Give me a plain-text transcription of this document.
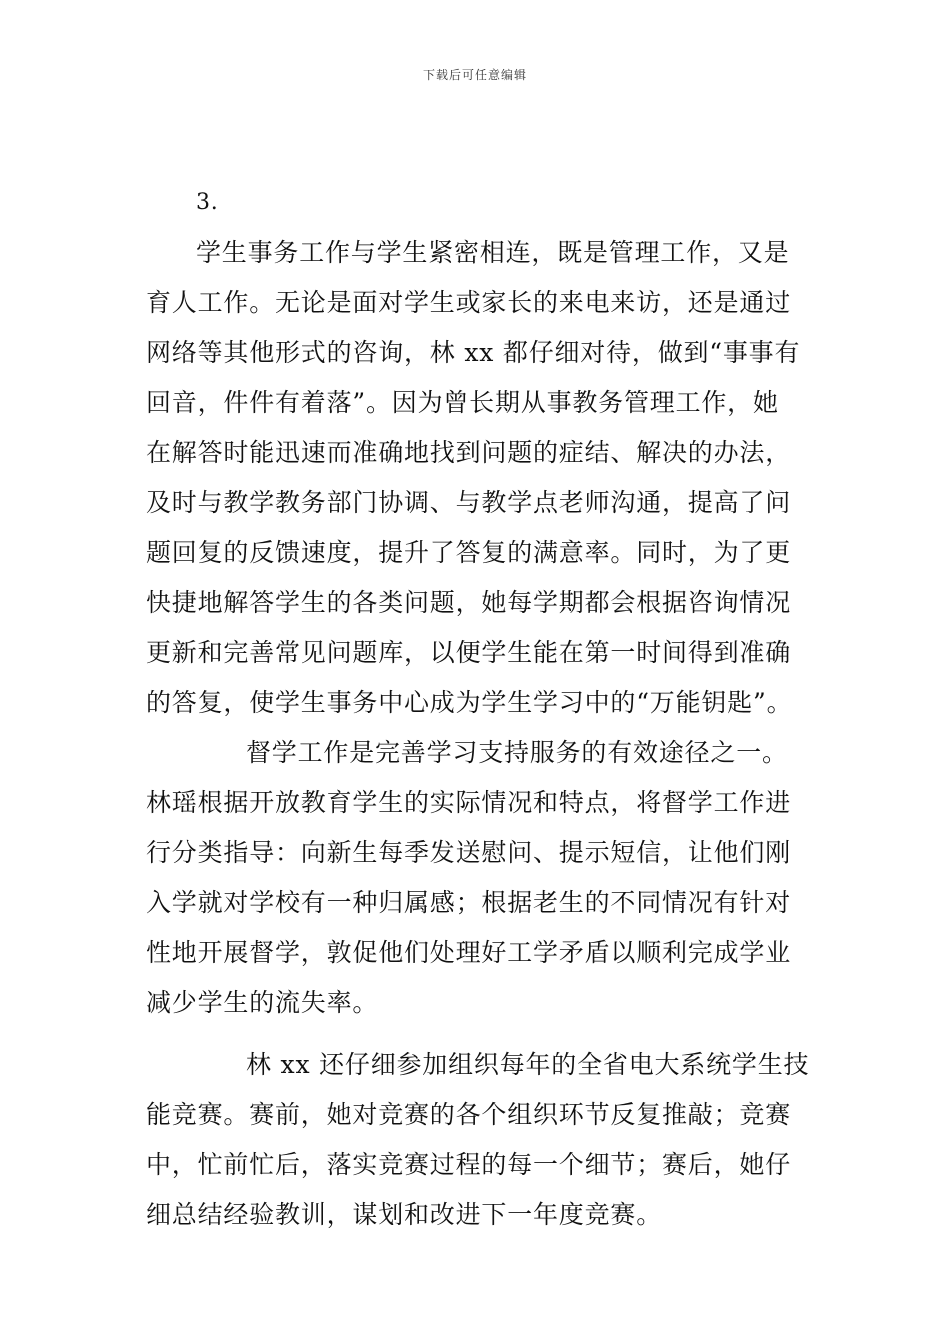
下载后可任意编辑
3.
学生事务工作与学生紧密相连，既是管理工作，又是
育人工作。无论是面对学生或家长的来电来访，还是通过
网络等其他形式的咨询，林 xx 都仔细对待，做到“事事有
回音，件件有着落”。因为曾长期从事教务管理工作，她
在解答时能迅速而准确地找到问题的症结、解决的办法，
及时与教学教务部门协调、与教学点老师沟通，提高了问
题回复的反馈速度，提升了答复的满意率。同时，为了更
快捷地解答学生的各类问题，她每学期都会根据咨询情况
更新和完善常见问题库，以便学生能在第一时间得到准确
的答复，使学生事务中心成为学生学习中的“万能钥匙”。
督学工作是完善学习支持服务的有效途径之一。
林瑶根据开放教育学生的实际情况和特点，将督学工作进
行分类指导：向新生每季发送慰问、提示短信，让他们刚
入学就对学校有一种归属感；根据老生的不同情况有针对
性地开展督学，敦促他们处理好工学矛盾以顺利完成学业
减少学生的流失率。
林 xx 还仔细参加组织每年的全省电大系统学生技
能竞赛。赛前，她对竞赛的各个组织环节反复推敲；竞赛
中，忙前忙后，落实竞赛过程的每一个细节；赛后，她仔
细总结经验教训，谋划和改进下一年度竞赛。
